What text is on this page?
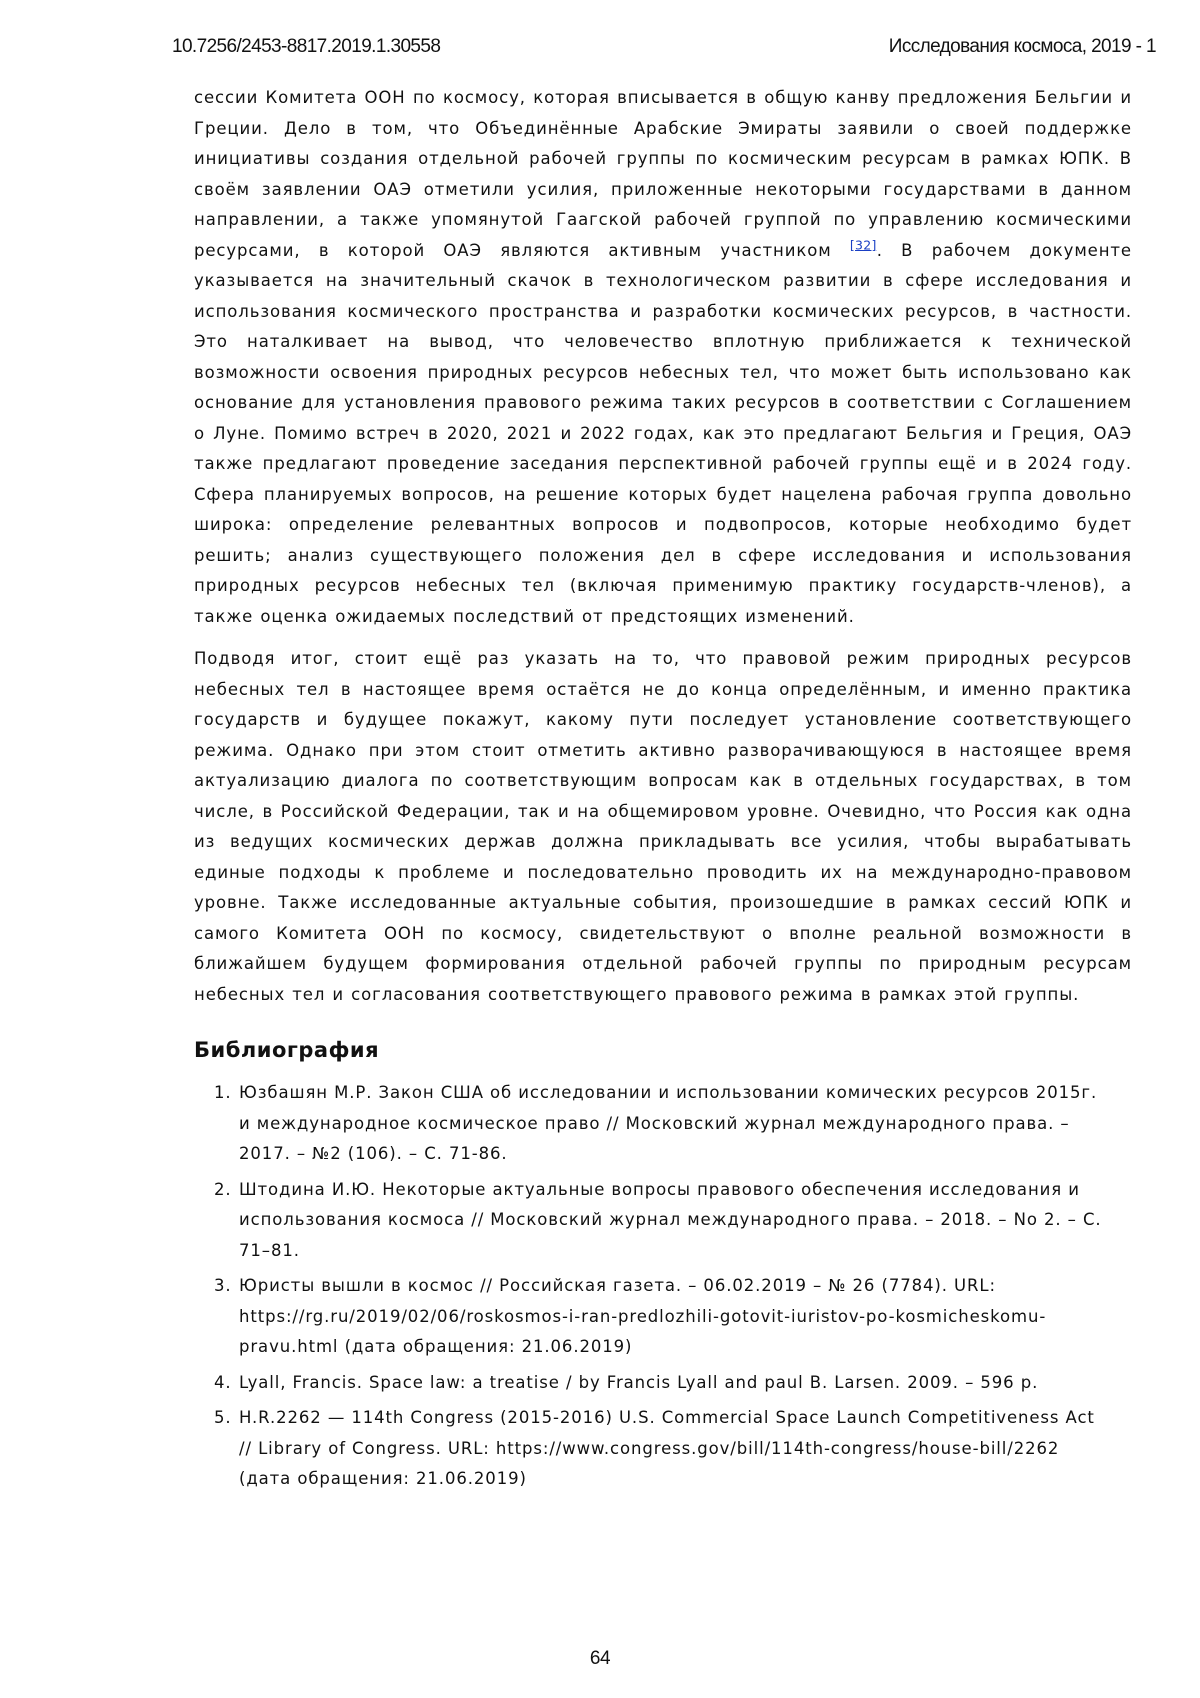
10.7256/2453-8817.2019.1.30558	Исследования космоса, 2019 - 1

сессии Комитета ООН по космосу, которая вписывается в общую канву предложения Бельгии и Греции. Дело в том, что Объединённые Арабские Эмираты заявили о своей поддержке инициативы создания отдельной рабочей группы по космическим ресурсам в рамках ЮПК. В своём заявлении ОАЭ отметили усилия, приложенные некоторыми государствами в данном направлении, а также упомянутой Гаагской рабочей группой по управлению космическими ресурсами, в которой ОАЭ являются активным участником [32]. В рабочем документе указывается на значительный скачок в технологическом развитии в сфере исследования и использования космического пространства и разработки космических ресурсов, в частности. Это наталкивает на вывод, что человечество вплотную приближается к технической возможности освоения природных ресурсов небесных тел, что может быть использовано как основание для установления правового режима таких ресурсов в соответствии с Соглашением о Луне. Помимо встреч в 2020, 2021 и 2022 годах, как это предлагают Бельгия и Греция, ОАЭ также предлагают проведение заседания перспективной рабочей группы ещё и в 2024 году. Сфера планируемых вопросов, на решение которых будет нацелена рабочая группа довольно широка: определение релевантных вопросов и подвопросов, которые необходимо будет решить; анализ существующего положения дел в сфере исследования и использования природных ресурсов небесных тел (включая применимую практику государств-членов), а также оценка ожидаемых последствий от предстоящих изменений.

Подводя итог, стоит ещё раз указать на то, что правовой режим природных ресурсов небесных тел в настоящее время остаётся не до конца определённым, и именно практика государств и будущее покажут, какому пути последует установление соответствующего режима. Однако при этом стоит отметить активно разворачивающуюся в настоящее время актуализацию диалога по соответствующим вопросам как в отдельных государствах, в том числе, в Российской Федерации, так и на общемировом уровне. Очевидно, что Россия как одна из ведущих космических держав должна прикладывать все усилия, чтобы вырабатывать единые подходы к проблеме и последовательно проводить их на международно-правовом уровне. Также исследованные актуальные события, произошедшие в рамках сессий ЮПК и самого Комитета ООН по космосу, свидетельствуют о вполне реальной возможности в ближайшем будущем формирования отдельной рабочей группы по природным ресурсам небесных тел и согласования соответствующего правового режима в рамках этой группы.

Библиография
1. Юзбашян М.Р. Закон США об исследовании и использовании комических ресурсов 2015г. и международное космическое право // Московский журнал международного права. – 2017. – №2 (106). – С. 71-86.
2. Штодина И.Ю. Некоторые актуальные вопросы правового обеспечения исследования и использования космоса // Московский журнал международного права. – 2018. – No 2. – С. 71–81.
3. Юристы вышли в космос // Российская газета. – 06.02.2019 – № 26 (7784). URL: https://rg.ru/2019/02/06/roskosmos-i-ran-predlozhili-gotovit-iuristov-po-kosmicheskomu-pravu.html (дата обращения: 21.06.2019)
4. Lyall, Francis. Space law: a treatise / by Francis Lyall and paul B. Larsen. 2009. – 596 p.
5. H.R.2262 — 114th Congress (2015-2016) U.S. Commercial Space Launch Competitiveness Act // Library of Congress. URL: https://www.congress.gov/bill/114th-congress/house-bill/2262 (дата обращения: 21.06.2019)
64
